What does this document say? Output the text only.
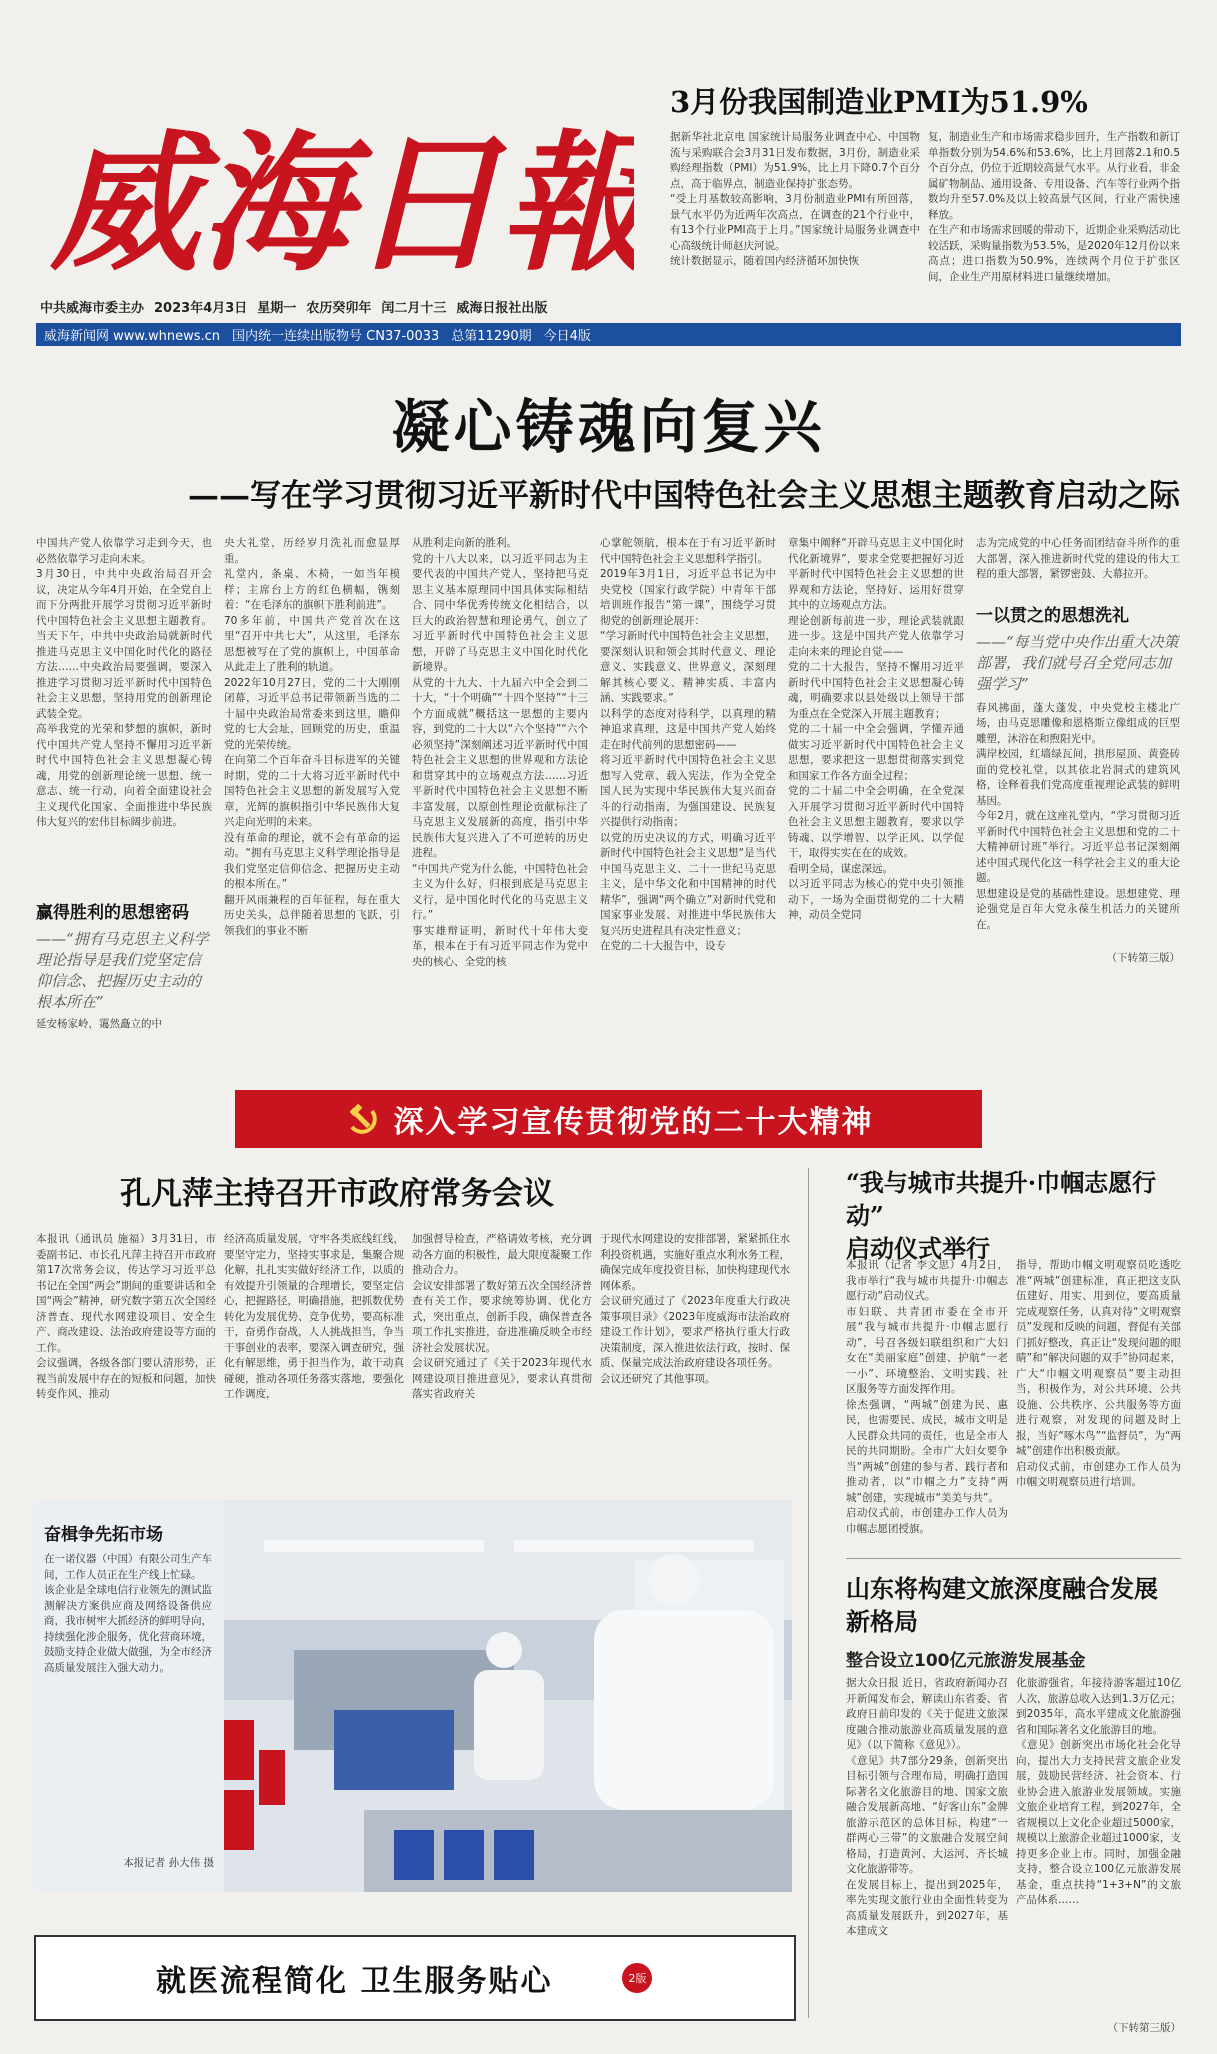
威海日報
中共威海市委主办 2023年4月3日 星期一 农历癸卯年 闰二月十三 威海日报社出版
威海新闻网 www.whnews.cn 国内统一连续出版物号 CN37-0033 总第11290期 今日4版
3月份我国制造业PMI为51.9%
据新华社北京电 国家统计局服务业调查中心、中国物流与采购联合会3月31日发布数据，3月份，制造业采购经理指数（PMI）为51.9%，比上月下降0.7个百分点，高于临界点，制造业保持扩张态势。
“受上月基数较高影响，3月份制造业PMI有所回落，景气水平仍为近两年次高点，在调查的21个行业中，有13个行业PMI高于上月。”国家统计局服务业调查中心高级统计师赵庆河说。
统计数据显示，随着国内经济循环加快恢
复，制造业生产和市场需求稳步回升，生产指数和新订单指数分别为54.6%和53.6%，比上月回落2.1和0.5个百分点，仍位于近期较高景气水平。从行业看，非金属矿物制品、通用设备、专用设备、汽车等行业两个指数均升至57.0%及以上较高景气区间，行业产需快速释放。
在生产和市场需求回暖的带动下，近期企业采购活动比较活跃，采购量指数为53.5%，是2020年12月份以来高点；进口指数为50.9%，连续两个月位于扩张区间，企业生产用原材料进口量继续增加。
凝心铸魂向复兴
——写在学习贯彻习近平新时代中国特色社会主义思想主题教育启动之际
中国共产党人依靠学习走到今天，也必然依靠学习走向未来。
3月30日，中共中央政治局召开会议，决定从今年4月开始，在全党自上而下分两批开展学习贯彻习近平新时代中国特色社会主义思想主题教育。当天下午，中共中央政治局就新时代推进马克思主义中国化时代化的路径方法……中央政治局要强调，要深入推进学习贯彻习近平新时代中国特色社会主义思想，坚持用党的创新理论武装全党。
高举我党的光荣和梦想的旗帜，新时代中国共产党人坚持不懈用习近平新时代中国特色社会主义思想凝心铸魂，用党的创新理论统一思想、统一意志、统一行动，向着全面建设社会主义现代化国家、全面推进中华民族伟大复兴的宏伟目标阔步前进。
赢得胜利的思想密码
——“拥有马克思主义科学理论指导是我们党坚定信仰信念、把握历史主动的根本所在”
延安杨家岭，霭然矗立的中
央大礼堂，历经岁月洗礼而愈显厚重。
礼堂内，条桌、木椅，一如当年模样；主席台上方的红色横幅，镌刻着：“在毛泽东的旗帜下胜利前进”。
70多年前，中国共产党首次在这里“召开中共七大”，从这里，毛泽东思想被写在了党的旗帜上，中国革命从此走上了胜利的轨道。
2022年10月27日，党的二十大刚刚闭幕，习近平总书记带领新当选的二十届中央政治局常委来到这里，瞻仰党的七大会址，回顾党的历史，重温党的光荣传统。
在向第二个百年奋斗目标进军的关键时期，党的二十大将习近平新时代中国特色社会主义思想的新发展写入党章，光辉的旗帜指引中华民族伟大复兴走向光明的未来。
没有革命的理论，就不会有革命的运动。“拥有马克思主义科学理论指导是我们党坚定信仰信念、把握历史主动的根本所在。”
翻开风雨兼程的百年征程，每在重大历史关头，总伴随着思想的飞跃，引领我们的事业不断
从胜利走向新的胜利。
党的十八大以来，以习近平同志为主要代表的中国共产党人，坚持把马克思主义基本原理同中国具体实际相结合、同中华优秀传统文化相结合，以巨大的政治智慧和理论勇气，创立了习近平新时代中国特色社会主义思想，开辟了马克思主义中国化时代化新境界。
从党的十九大、十九届六中全会到二十大，“十个明确”“十四个坚持”“十三个方面成就”概括这一思想的主要内容，到党的二十大以“六个坚持”“六个必须坚持”深刻阐述习近平新时代中国特色社会主义思想的世界观和方法论和贯穿其中的立场观点方法……习近平新时代中国特色社会主义思想不断丰富发展，以原创性理论贡献标注了马克思主义发展新的高度，指引中华民族伟大复兴进入了不可逆转的历史进程。
“中国共产党为什么能，中国特色社会主义为什么好，归根到底是马克思主义行，是中国化时代化的马克思主义行。”
事实雄辩证明，新时代十年伟大变革，根本在于有习近平同志作为党中央的核心、全党的核
心掌舵领航，根本在于有习近平新时代中国特色社会主义思想科学指引。
2019年3月1日，习近平总书记为中央党校（国家行政学院）中青年干部培训班作报告“第一课”，围绕学习贯彻党的创新理论展开：
“学习新时代中国特色社会主义思想，要深刻认识和领会其时代意义、理论意义、实践意义、世界意义，深刻理解其核心要义、精神实质、丰富内涵、实践要求。”
以科学的态度对待科学，以真理的精神追求真理，这是中国共产党人始终走在时代前列的思想密码——
将习近平新时代中国特色社会主义思想写入党章、载入宪法，作为全党全国人民为实现中华民族伟大复兴而奋斗的行动指南，为强国建设、民族复兴提供行动指南；
以党的历史决议的方式，明确习近平新时代中国特色社会主义思想“是当代中国马克思主义、二十一世纪马克思主义，是中华文化和中国精神的时代精华”，强调“两个确立”对新时代党和国家事业发展、对推进中华民族伟大复兴历史进程具有决定性意义；
在党的二十大报告中，设专
章集中阐释“开辟马克思主义中国化时代化新境界”，要求全党要把握好习近平新时代中国特色社会主义思想的世界观和方法论，坚持好、运用好贯穿其中的立场观点方法。
理论创新每前进一步，理论武装就跟进一步。这是中国共产党人依靠学习走向未来的理论自觉——
党的二十大报告，坚持不懈用习近平新时代中国特色社会主义思想凝心铸魂，明确要求以县处级以上领导干部为重点在全党深入开展主题教育；
党的二十届一中全会强调，学懂弄通做实习近平新时代中国特色社会主义思想，要求把这一思想贯彻落实到党和国家工作各方面全过程；
党的二十届二中全会明确，在全党深入开展学习贯彻习近平新时代中国特色社会主义思想主题教育，要求以学铸魂、以学增智、以学正风、以学促干，取得实实在在的成效。
看明全局，谋虑深远。
以习近平同志为核心的党中央引领推动下，一场为全面贯彻党的二十大精神，动员全党同
志为完成党的中心任务而团结奋斗所作的重大部署，深入推进新时代党的建设的伟大工程的重大部署，紧锣密鼓、大幕拉开。
一以贯之的思想洗礼
——“每当党中央作出重大决策部署，我们就号召全党同志加强学习”
春风拂面，蓬大蓬发，中央党校主楼北广场，由马克思雕像和恩格斯立像组成的巨型雕塑，沐浴在和煦阳光中。
满岸校园，红墙绿瓦间，拱形屋顶、黄瓷砖面的党校礼堂，以其依北岩洞式的建筑风格，诠释着我们党高度重视理论武装的鲜明基因。
今年2月，就在这座礼堂内，“学习贯彻习近平新时代中国特色社会主义思想和党的二十大精神研讨班”举行。习近平总书记深刻阐述中国式现代化这一科学社会主义的重大论题。
思想建设是党的基础性建设。思想建党、理论强党是百年大党永葆生机活力的关键所在。
（下转第三版）
深入学习宣传贯彻党的二十大精神
孔凡萍主持召开市政府常务会议
本报讯（通讯员 施福）3月31日，市委副书记、市长孔凡萍主持召开市政府第17次常务会议，传达学习习近平总书记在全国“两会”期间的重要讲话和全国“两会”精神，研究数字第五次全国经济普查、现代水网建设项目、安全生产、商改建设、法治政府建设等方面的工作。
会议强调，各级各部门要认清形势，正视当前发展中存在的短板和问题，加快转变作风、推动
经济高质量发展，守牢各类底线红线，要坚守定力，坚持实事求是，集聚合规化解，扎扎实实做好经济工作，以质的有效提升引领量的合理增长，要坚定信心，把握路径，明确措施，把抓数优势转化为发展优势、竞争优势，要高标准干，奋勇作奋战，人人挑战担当，争当干事创业的表率，要深入调查研究，强化有解思维，勇于担当作为，敢干动真碰硬，推动各项任务落实落地，要强化工作调度，
加强督导检查，严格请效考核，充分调动各方面的积极性，最大限度凝聚工作推动合力。
会议安排部署了数好第五次全国经济普查有关工作，要求统筹协调、优化方式，突出重点，创新手段，确保普查各项工作扎实推进，奋进准确反映全市经济社会发展状况。
会议研究通过了《关于2023年现代水网建设项目推进意见》，要求认真贯彻落实省政府关
于现代水网建设的安排部署，紧紧抓住水利投资机遇，实施好重点水利水务工程，确保完成年度投资目标，加快构建现代水网体系。
会议研究通过了《2023年度重大行政决策事项目录》《2023年度威海市法治政府建设工作计划》，要求严格执行重大行政决策制度，深入推进依法行政，按时、保质、保量完成法治政府建设各项任务。
会议还研究了其他事项。
奋楫争先拓市场
在一诺仪器（中国）有限公司生产车间，工作人员正在生产线上忙碌。
该企业是全球电信行业领先的测试监测解决方案供应商及网络设备供应商，我市树牢大抓经济的鲜明导向，持续强化涉企服务，优化营商环境，鼓励支持企业做大做强，为全市经济高质量发展注入强大动力。
本报记者 孙大伟 摄
就医流程简化 卫生服务贴心	2版
“我与城市共提升·巾帼志愿行动”
启动仪式举行
本报讯（记者 李文思）4月2日，我市举行“我与城市共提升·巾帼志愿行动”启动仪式。
市妇联、共青团市委在全市开展“我与城市共提升·巾帼志愿行动”，号召各级妇联组织和广大妇女在“美丽家庭”创建、护航“一老一小”、环境整治、文明实践、社区服务等方面发挥作用。
徐杰强调，“两城”创建为民、惠民，也需要民、成民，城市文明是人民群众共同的责任，也是全市人民的共同期盼。全市广大妇女要争当“两城”创建的参与者、践行者和推动者，以“巾帼之力”支持“两城”创建，实现城市“美美与共”。
启动仪式前，市创建办工作人员为巾帼志愿团授旗。
指导，帮助巾帼文明观察员吃透吃准“两城”创建标准，真正把这支队伍建好、用实、用到位，要高质量完成观察任务，认真对待“文明观察员”发现和反映的问题，督促有关部门抓好整改，真正让“发现问题的眼睛”和“解决问题的双手”协同起来，广大“巾帼文明观察员”要主动担当，积极作为，对公共环境、公共设施、公共秩序、公共服务等方面进行观察，对发现的问题及时上报，当好“啄木鸟”“监督员”，为“两城”创建作出积极贡献。
启动仪式前，市创建办工作人员为巾帼文明观察员进行培训。
山东将构建文旅深度融合发展
新格局
整合设立100亿元旅游发展基金
据大众日报 近日，省政府新闻办召开新闻发布会，解读山东省委、省政府日前印发的《关于促进文旅深度融合推动旅游业高质量发展的意见》（以下简称《意见》）。
《意见》共7部分29条，创新突出目标引领与合理布局，明确打造国际著名文化旅游目的地、国家文旅融合发展新高地、“好客山东”金牌旅游示范区的总体目标，构建“一群两心三带”的文旅融合发展空间格局，打造黄河、大运河、齐长城文化旅游带等。
在发展目标上，提出到2025年，率先实现文旅行业由全面性转变为高质量发展跃升，到2027年，基本建成文
化旅游强省，年接待游客超过10亿人次，旅游总收入达到1.3万亿元；到2035年，高水平建成文化旅游强省和国际著名文化旅游目的地。
《意见》创新突出市场化社会化导向，提出大力支持民营文旅企业发展，鼓励民营经济、社会资本、行业协会进入旅游业发展领域。实施文旅企业培育工程，到2027年，全省规模以上文化企业超过5000家，规模以上旅游企业超过1000家，支持更多企业上市。同时，加强金融支持，整合设立100亿元旅游发展基金，重点扶持“1+3+N”的文旅产品体系……
（下转第三版）
